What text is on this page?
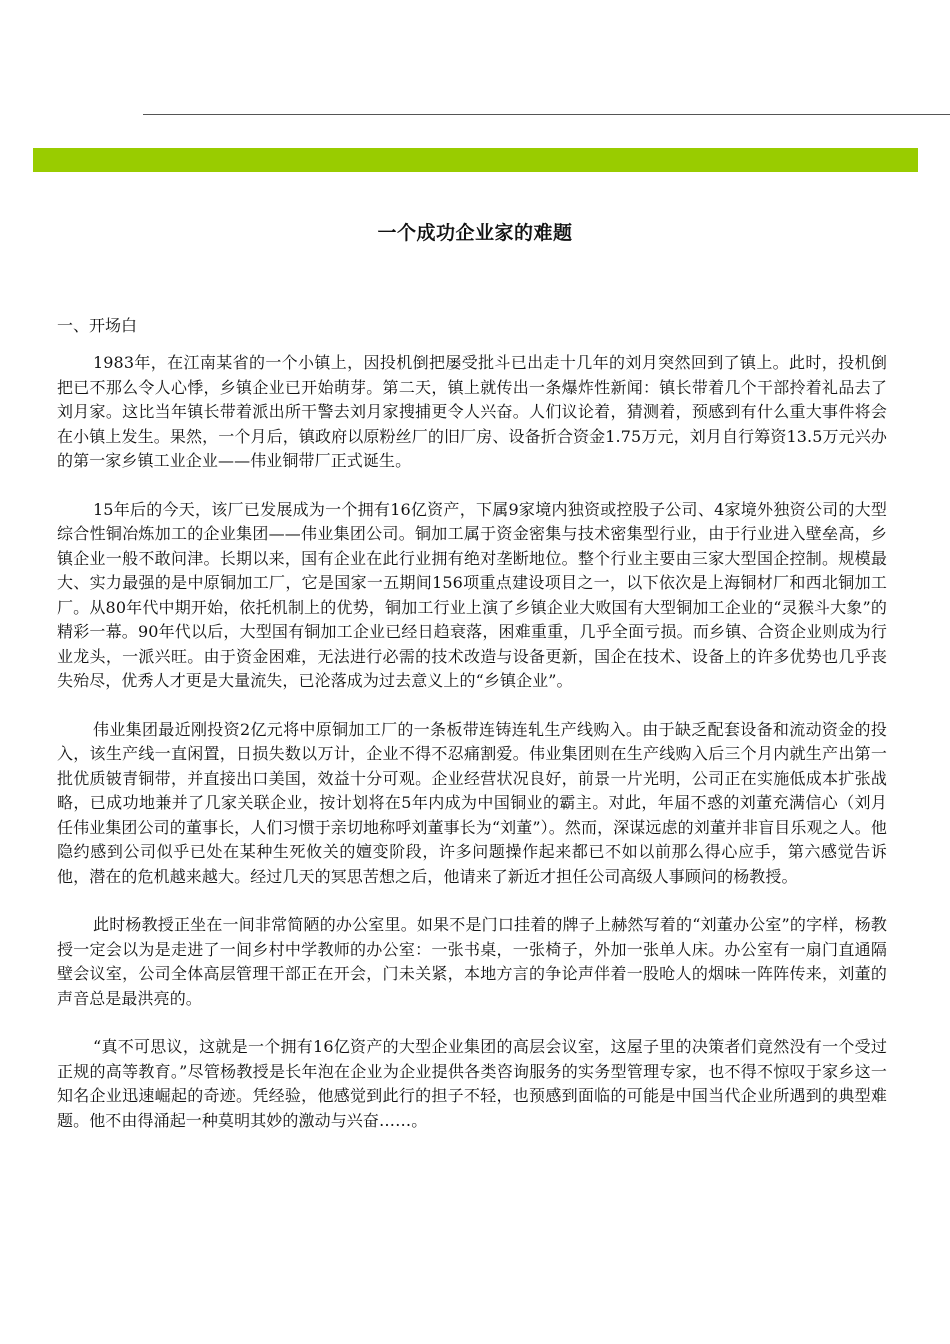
一个成功企业家的难题
一、开场白

1983年，在江南某省的一个小镇上，因投机倒把屡受批斗已出走十几年的刘月突然回到了镇上。此时，投机倒把已不那么令人心悸，乡镇企业已开始萌芽。第二天，镇上就传出一条爆炸性新闻：镇长带着几个干部拎着礼品去了刘月家。这比当年镇长带着派出所干警去刘月家搜捕更令人兴奋。人们议论着，猜测着，预感到有什么重大事件将会在小镇上发生。果然，一个月后，镇政府以原粉丝厂的旧厂房、设备折合资金1.75万元，刘月自行筹资13.5万元兴办的第一家乡镇工业企业——伟业铜带厂正式诞生。

15年后的今天，该厂已发展成为一个拥有16亿资产，下属9家境内独资或控股子公司、4家境外独资公司的大型综合性铜冶炼加工的企业集团——伟业集团公司。铜加工属于资金密集与技术密集型行业，由于行业进入壁垒高，乡镇企业一般不敢问津。长期以来，国有企业在此行业拥有绝对垄断地位。整个行业主要由三家大型国企控制。规模最大、实力最强的是中原铜加工厂，它是国家一五期间156项重点建设项目之一，以下依次是上海铜材厂和西北铜加工厂。从80年代中期开始，依托机制上的优势，铜加工行业上演了乡镇企业大败国有大型铜加工企业的“灵猴斗大象”的精彩一幕。90年代以后，大型国有铜加工企业已经日趋衰落，困难重重，几乎全面亏损。而乡镇、合资企业则成为行业龙头，一派兴旺。由于资金困难，无法进行必需的技术改造与设备更新，国企在技术、设备上的许多优势也几乎丧失殆尽，优秀人才更是大量流失，已沦落成为过去意义上的“乡镇企业”。

伟业集团最近刚投资2亿元将中原铜加工厂的一条板带连铸连轧生产线购入。由于缺乏配套设备和流动资金的投入，该生产线一直闲置，日损失数以万计，企业不得不忍痛割爱。伟业集团则在生产线购入后三个月内就生产出第一批优质铍青铜带，并直接出口美国，效益十分可观。企业经营状况良好，前景一片光明，公司正在实施低成本扩张战略，已成功地兼并了几家关联企业，按计划将在5年内成为中国铜业的霸主。对此，年届不惑的刘董充满信心（刘月任伟业集团公司的董事长，人们习惯于亲切地称呼刘董事长为“刘董”）。然而，深谋远虑的刘董并非盲目乐观之人。他隐约感到公司似乎已处在某种生死攸关的嬗变阶段，许多问题操作起来都已不如以前那么得心应手，第六感觉告诉他，潜在的危机越来越大。经过几天的冥思苦想之后，他请来了新近才担任公司高级人事顾问的杨教授。

此时杨教授正坐在一间非常简陋的办公室里。如果不是门口挂着的牌子上赫然写着的“刘董办公室”的字样，杨教授一定会以为是走进了一间乡村中学教师的办公室：一张书桌，一张椅子，外加一张单人床。办公室有一扇门直通隔壁会议室，公司全体高层管理干部正在开会，门未关紧，本地方言的争论声伴着一股呛人的烟味一阵阵传来，刘董的声音总是最洪亮的。

“真不可思议，这就是一个拥有16亿资产的大型企业集团的高层会议室，这屋子里的决策者们竟然没有一个受过正规的高等教育。”尽管杨教授是长年泡在企业为企业提供各类咨询服务的实务型管理专家，也不得不惊叹于家乡这一知名企业迅速崛起的奇迹。凭经验，他感觉到此行的担子不轻，也预感到面临的可能是中国当代企业所遇到的典型难题。他不由得涌起一种莫明其妙的激动与兴奋……。
